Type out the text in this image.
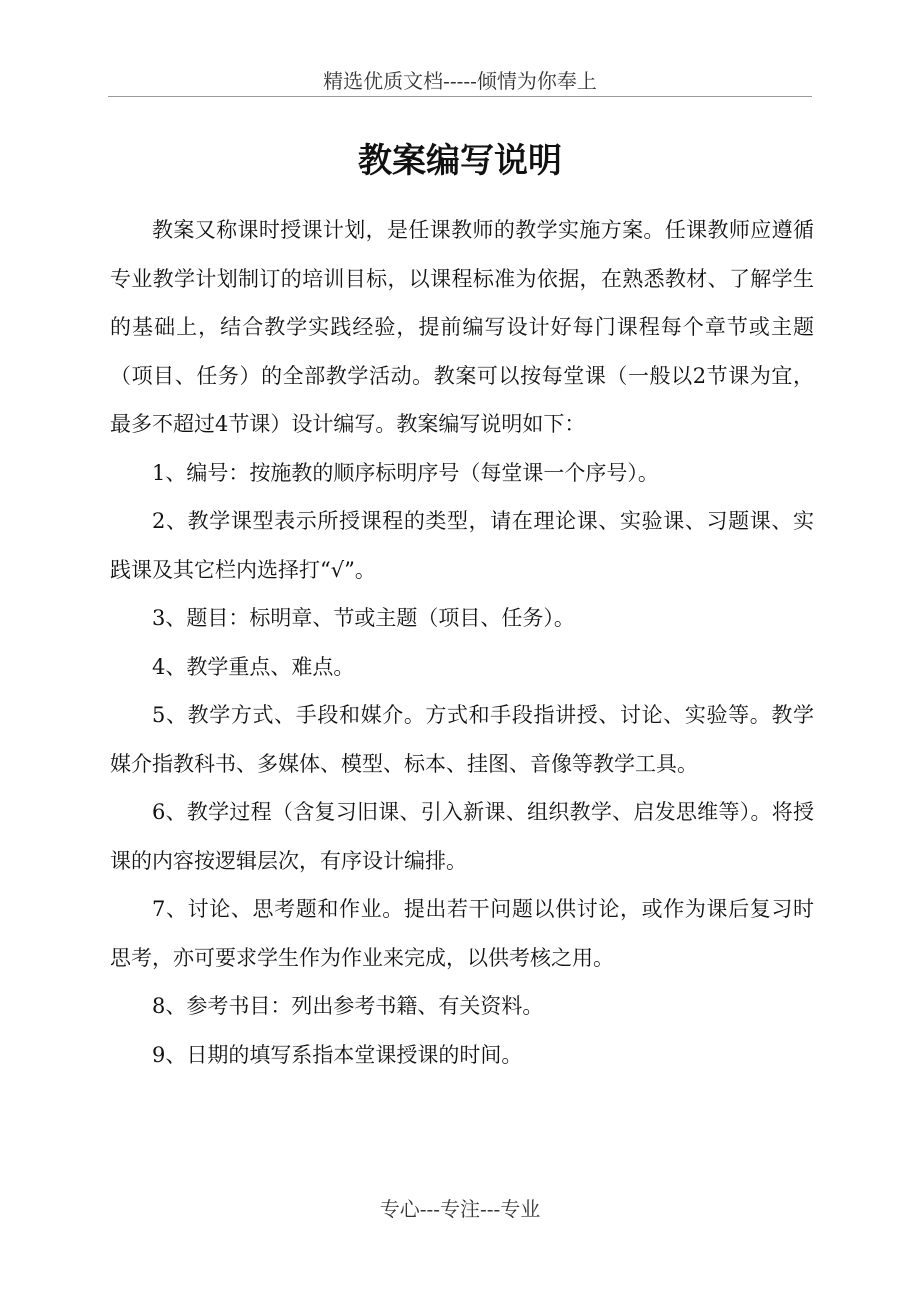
精选优质文档-----倾情为你奉上
教案编写说明

教案又称课时授课计划，是任课教师的教学实施方案。任课教师应遵循专业教学计划制订的培训目标，以课程标准为依据，在熟悉教材、了解学生的基础上，结合教学实践经验，提前编写设计好每门课程每个章节或主题（项目、任务）的全部教学活动。教案可以按每堂课（一般以2节课为宜，最多不超过4节课）设计编写。教案编写说明如下：

1、编号：按施教的顺序标明序号（每堂课一个序号）。

2、教学课型表示所授课程的类型，请在理论课、实验课、习题课、实践课及其它栏内选择打“√”。

3、题目：标明章、节或主题（项目、任务）。

4、教学重点、难点。

5、教学方式、手段和媒介。方式和手段指讲授、讨论、实验等。教学媒介指教科书、多媒体、模型、标本、挂图、音像等教学工具。

6、教学过程（含复习旧课、引入新课、组织教学、启发思维等）。将授课的内容按逻辑层次，有序设计编排。

7、讨论、思考题和作业。提出若干问题以供讨论，或作为课后复习时思考，亦可要求学生作为作业来完成，以供考核之用。

8、参考书目：列出参考书籍、有关资料。

9、日期的填写系指本堂课授课的时间。

专心---专注---专业
